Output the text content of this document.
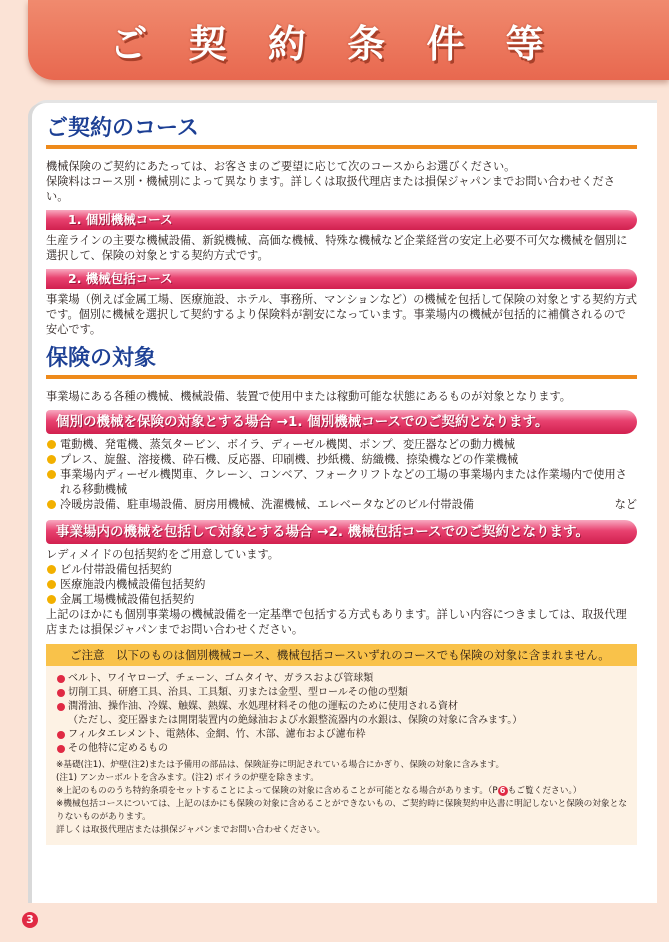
ご 契 約 条 件 等
ご契約のコース

機械保険のご契約にあたっては、お客さまのご要望に応じて次のコースからお選びください。
保険料はコース別・機械別によって異なります。詳しくは取扱代理店または損保ジャパンまでお問い合わせください。

1. 個別機械コース

生産ラインの主要な機械設備、新鋭機械、高価な機械、特殊な機械など企業経営の安定上必要不可欠な機械を個別に選択して、保険の対象とする契約方式です。

2. 機械包括コース

事業場（例えば金属工場、医療施設、ホテル、事務所、マンションなど）の機械を包括して保険の対象とする契約方式です。個別に機械を選択して契約するより保険料が割安になっています。事業場内の機械が包括的に補償されるので安心です。

保険の対象

事業場にある各種の機械、機械設備、装置で使用中または稼動可能な状態にあるものが対象となります。

個別の機械を保険の対象とする場合 →1. 個別機械コースでのご契約となります。
電動機、発電機、蒸気タービン、ボイラ、ディーゼル機関、ポンプ、変圧器などの動力機械
プレス、旋盤、溶接機、砕石機、反応器、印刷機、抄紙機、紡織機、捺染機などの作業機械
事業場内ディーゼル機関車、クレーン、コンベア、フォークリフトなどの工場の事業場内または作業場内で使用される移動機械
冷暖房設備、駐車場設備、厨房用機械、洗濯機械、エレベータなどのビル付帯設備	など
事業場内の機械を包括して対象とする場合 →2. 機械包括コースでのご契約となります。

レディメイドの包括契約をご用意しています。

ビル付帯設備包括契約
医療施設内機械設備包括契約
金属工場機械設備包括契約

上記のほかにも個別事業場の機械設備を一定基準で包括する方式もあります。詳しい内容につきましては、取扱代理店または損保ジャパンまでお問い合わせください。

ご注意　以下のものは個別機械コース、機械包括コースいずれのコースでも保険の対象に含まれません。
ベルト、ワイヤロープ、チェーン、ゴムタイヤ、ガラスおよび管球類
切削工具、研磨工具、治具、工具類、刃または金型、型ロールその他の型類
潤滑油、操作油、冷媒、触媒、熱媒、水処理材料その他の運転のために使用される資材
（ただし、変圧器または開閉装置内の絶縁油および水銀整流器内の水銀は、保険の対象に含みます。）
フィルタエレメント、電熱体、金網、竹、木部、濾布および濾布枠
その他特に定めるもの

※基礎(注1)、炉壁(注2)または予備用の部品は、保険証券に明記されている場合にかぎり、保険の対象に含みます。

(注1) アンカーボルトを含みます。(注2) ボイラの炉壁を除きます。

※上記のもののうち特約条項をセットすることによって保険の対象に含めることが可能となる場合があります。（P 6 もご覧ください。）

※機械包括コースについては、上記のほかにも保険の対象に含めることができないもの、ご契約時に保険契約申込書に明記しないと保険の対象となりないものがあります。

詳しくは取扱代理店または損保ジャパンまでお問い合わせください。

3
